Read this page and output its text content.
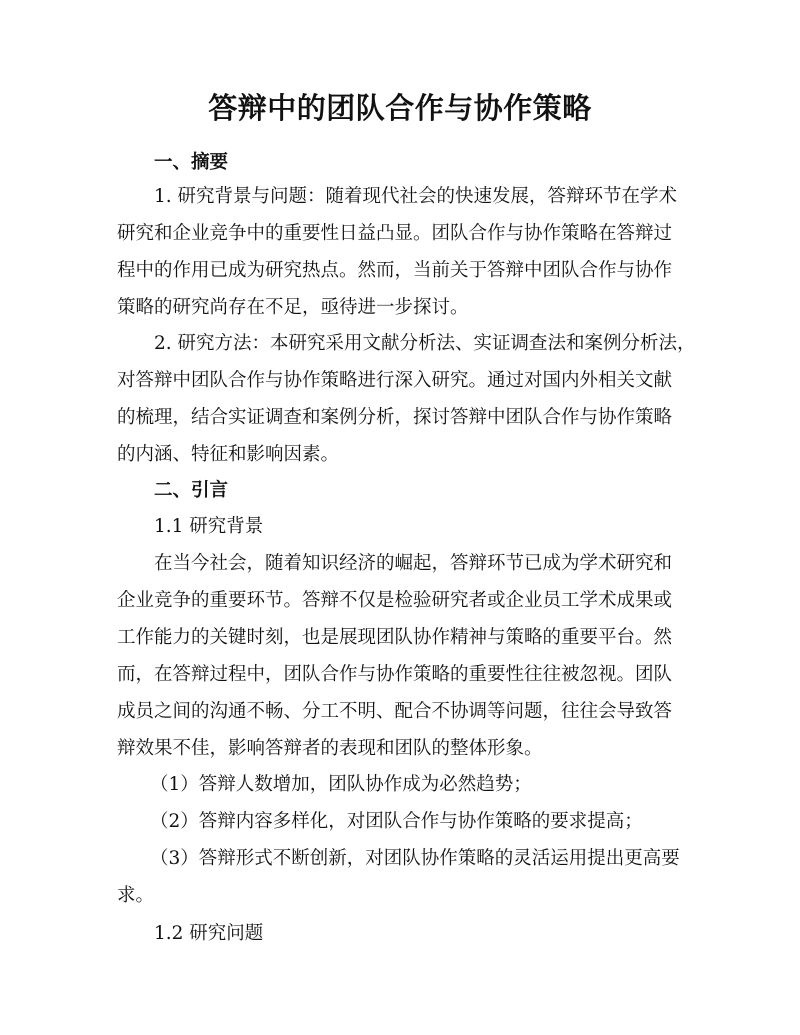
答辩中的团队合作与协作策略

一、摘要

1. 研究背景与问题：随着现代社会的快速发展，答辩环节在学术

研究和企业竞争中的重要性日益凸显。团队合作与协作策略在答辩过

程中的作用已成为研究热点。然而，当前关于答辩中团队合作与协作

策略的研究尚存在不足，亟待进一步探讨。

2. 研究方法：本研究采用文献分析法、实证调查法和案例分析法，

对答辩中团队合作与协作策略进行深入研究。通过对国内外相关文献

的梳理，结合实证调查和案例分析，探讨答辩中团队合作与协作策略

的内涵、特征和影响因素。

二、引言

1.1 研究背景

在当今社会，随着知识经济的崛起，答辩环节已成为学术研究和

企业竞争的重要环节。答辩不仅是检验研究者或企业员工学术成果或

工作能力的关键时刻，也是展现团队协作精神与策略的重要平台。然

而，在答辩过程中，团队合作与协作策略的重要性往往被忽视。团队

成员之间的沟通不畅、分工不明、配合不协调等问题，往往会导致答

辩效果不佳，影响答辩者的表现和团队的整体形象。

（1）答辩人数增加，团队协作成为必然趋势；

（2）答辩内容多样化，对团队合作与协作策略的要求提高；

（3）答辩形式不断创新，对团队协作策略的灵活运用提出更高要

求。

1.2 研究问题
